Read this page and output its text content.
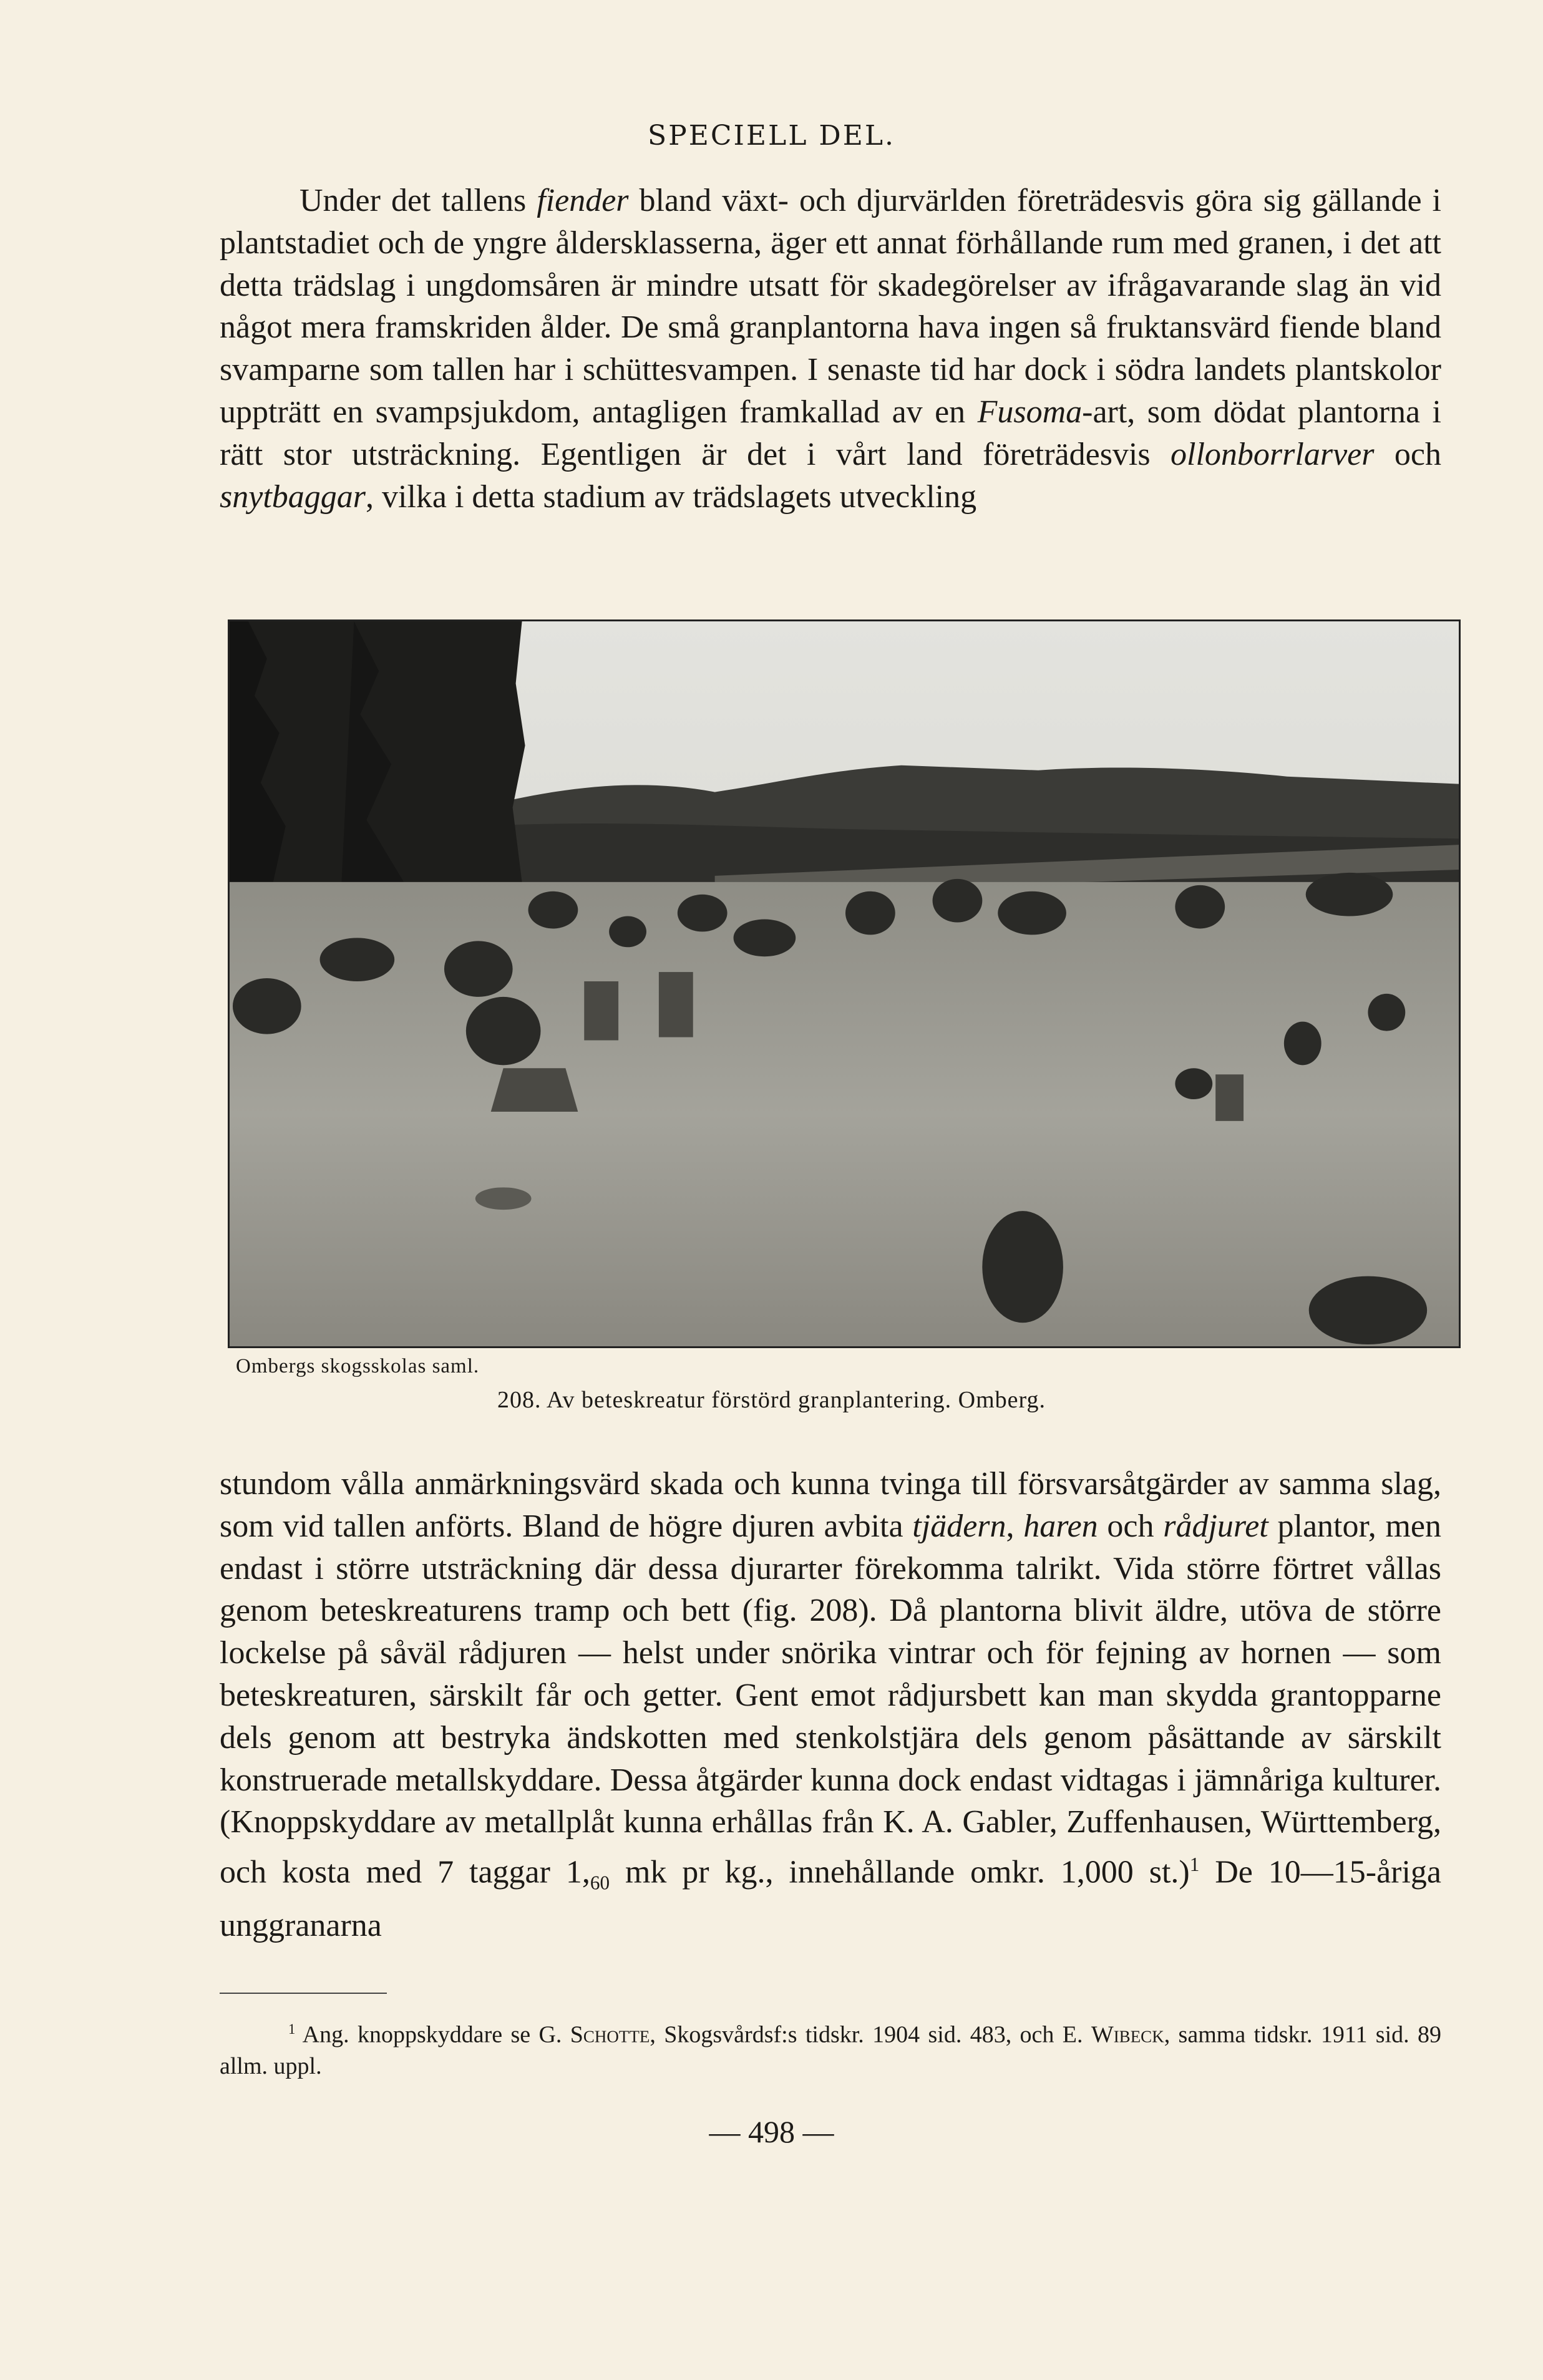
SPECIELL DEL.

Under det tallens fiender bland växt- och djurvärlden företrädesvis göra sig gällande i plantstadiet och de yngre åldersklasserna, äger ett annat förhållande rum med granen, i det att detta trädslag i ungdomsåren är mindre utsatt för skadegörelser av ifrågavarande slag än vid något mera framskriden ålder. De små granplantorna hava ingen så fruktansvärd fiende bland svamparne som tallen har i schüttesvampen. I senaste tid har dock i södra landets plantskolor uppträtt en svampsjukdom, antagligen framkallad av en Fusoma-art, som dödat plantorna i rätt stor utsträckning. Egentligen är det i vårt land företrädesvis ollonborrlarver och snytbaggar, vilka i detta stadium av trädslagets utveckling

Ombergs skogsskolas saml.
208. Av beteskreatur förstörd granplantering. Omberg.

stundom vålla anmärkningsvärd skada och kunna tvinga till försvarsåtgärder av samma slag, som vid tallen anförts. Bland de högre djuren avbita tjädern, haren och rådjuret plantor, men endast i större utsträckning där dessa djurarter förekomma talrikt. Vida större förtret vållas genom beteskreaturens tramp och bett (fig. 208). Då plantorna blivit äldre, utöva de större lockelse på såväl rådjuren — helst under snörika vintrar och för fejning av hornen — som beteskreaturen, särskilt får och getter. Gent emot rådjursbett kan man skydda grantopparne dels genom att bestryka ändskotten med stenkolstjära dels genom påsättande av särskilt konstruerade metallskyddare. Dessa åtgärder kunna dock endast vidtagas i jämnåriga kulturer. (Knoppskyddare av metallplåt kunna erhållas från K. A. Gabler, Zuffenhausen, Württemberg, och kosta med 7 taggar $1,_{60}$ mk pr kg., innehållande omkr. 1,000 st.)$^1$ De 10—15-åriga unggranarna

$^1$ Ang. knoppskyddare se G. Schotte, Skogsvårdsf:s tidskr. 1904 sid. 483, och E. Wibeck, samma tidskr. 1911 sid. 89 allm. uppl.
— 498 —
